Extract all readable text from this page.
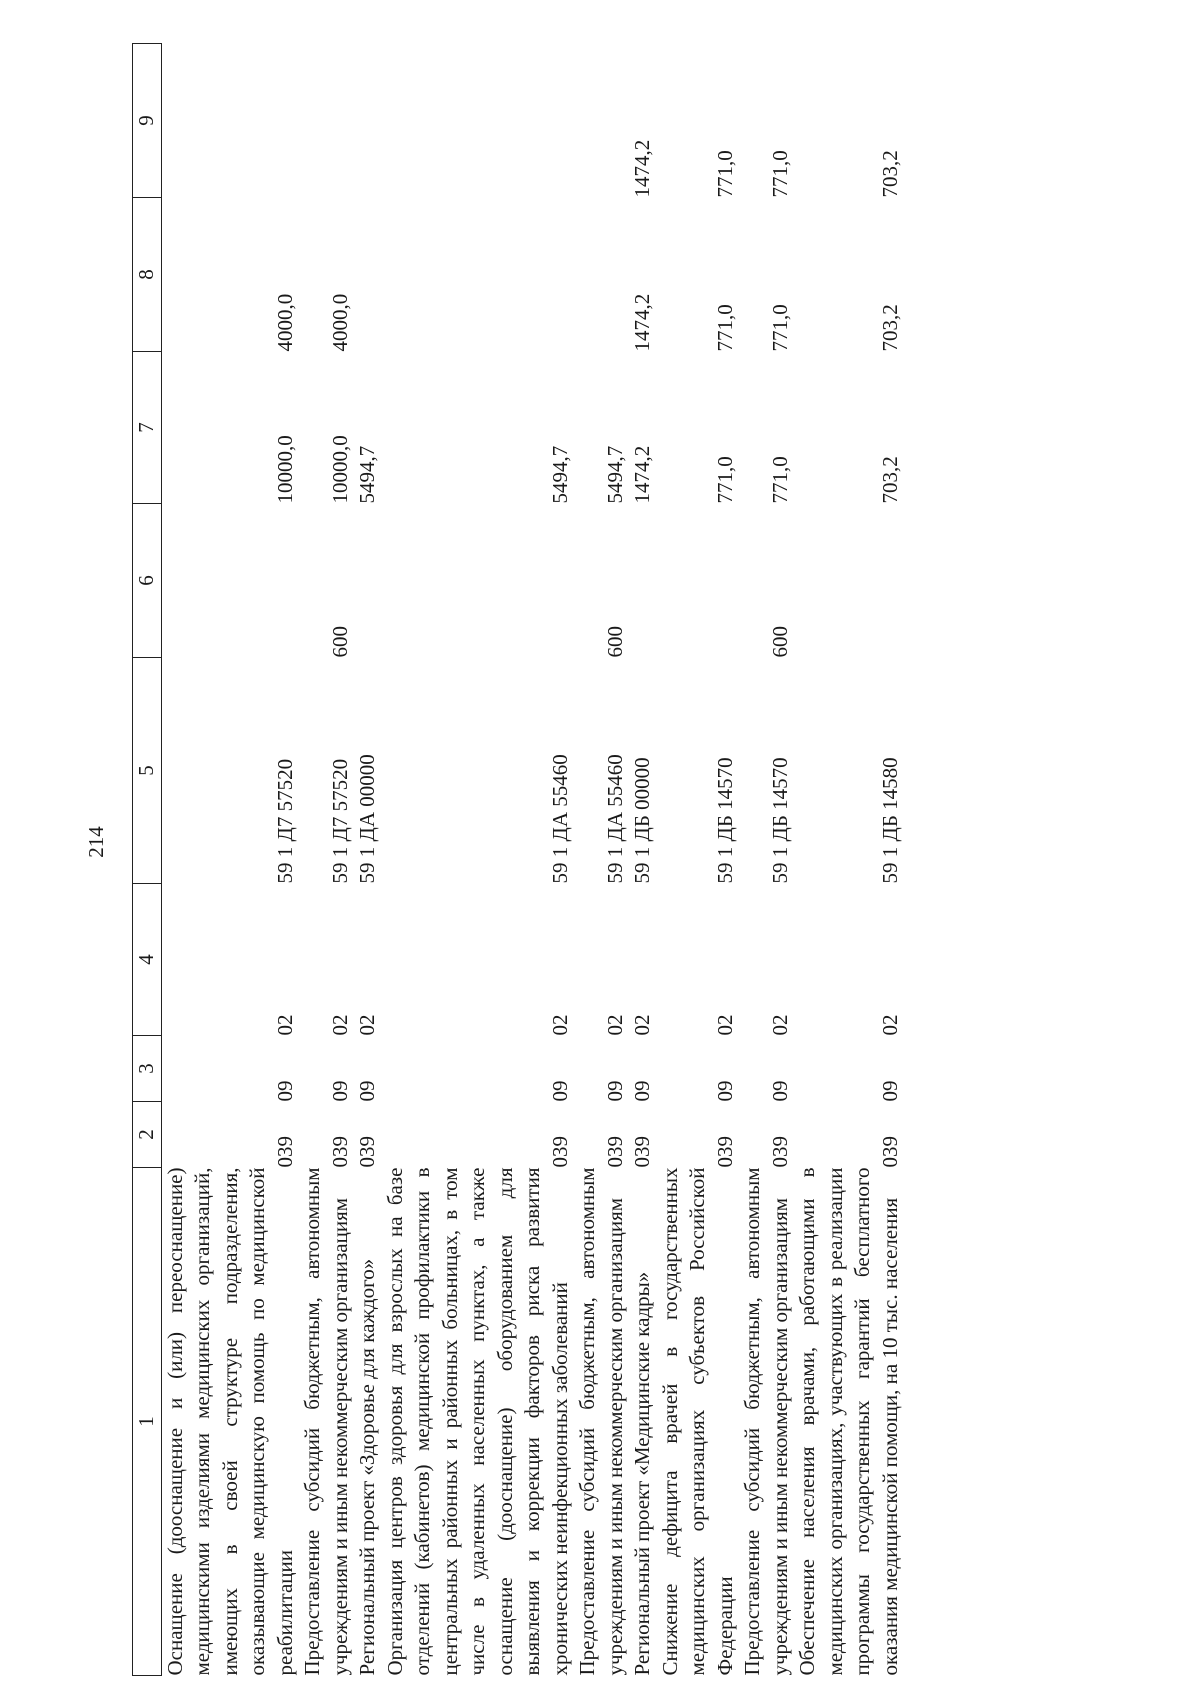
214
1	2	3	4	5	6	7	8	9
Оснащение (дооснащение и (или) переоснащение) медицинскими изделиями медицинских организаций, имеющих в своей структуре подразделения, оказывающие медицинскую помощь по медицинской реабилитации	039	09	02	59 1 Д7 57520		10000,0	4000,0	
Предоставление субсидий бюджетным, автономным учреждениям и иным некоммерческим организациям	039	09	02	59 1 Д7 57520	600	10000,0	4000,0	
Региональный проект «Здоровье для каждого»	039	09	02	59 1 ДА 00000		5494,7		
Организация центров здоровья для взрослых на базе отделений (кабинетов) медицинской профилактики в центральных районных и районных больницах, в том числе в удаленных населенных пунктах, а также оснащение (дооснащение) оборудованием для выявления и коррекции факторов риска развития хронических неинфекционных заболеваний	039	09	02	59 1 ДА 55460		5494,7		
Предоставление субсидий бюджетным, автономным учреждениям и иным некоммерческим организациям	039	09	02	59 1 ДА 55460	600	5494,7		
Региональный проект «Медицинские кадры»	039	09	02	59 1 ДБ 00000		1474,2	1474,2	1474,2
Снижение дефицита врачей в государственных медицинских организациях субъектов Российской Федерации	039	09	02	59 1 ДБ 14570		771,0	771,0	771,0
Предоставление субсидий бюджетным, автономным учреждениям и иным некоммерческим организациям	039	09	02	59 1 ДБ 14570	600	771,0	771,0	771,0
Обеспечение населения врачами, работающими в медицинских организациях, участвующих в реализации программы государственных гарантий бесплатного оказания медицинской помощи, на 10 тыс. населения	039	09	02	59 1 ДБ 14580		703,2	703,2	703,2
